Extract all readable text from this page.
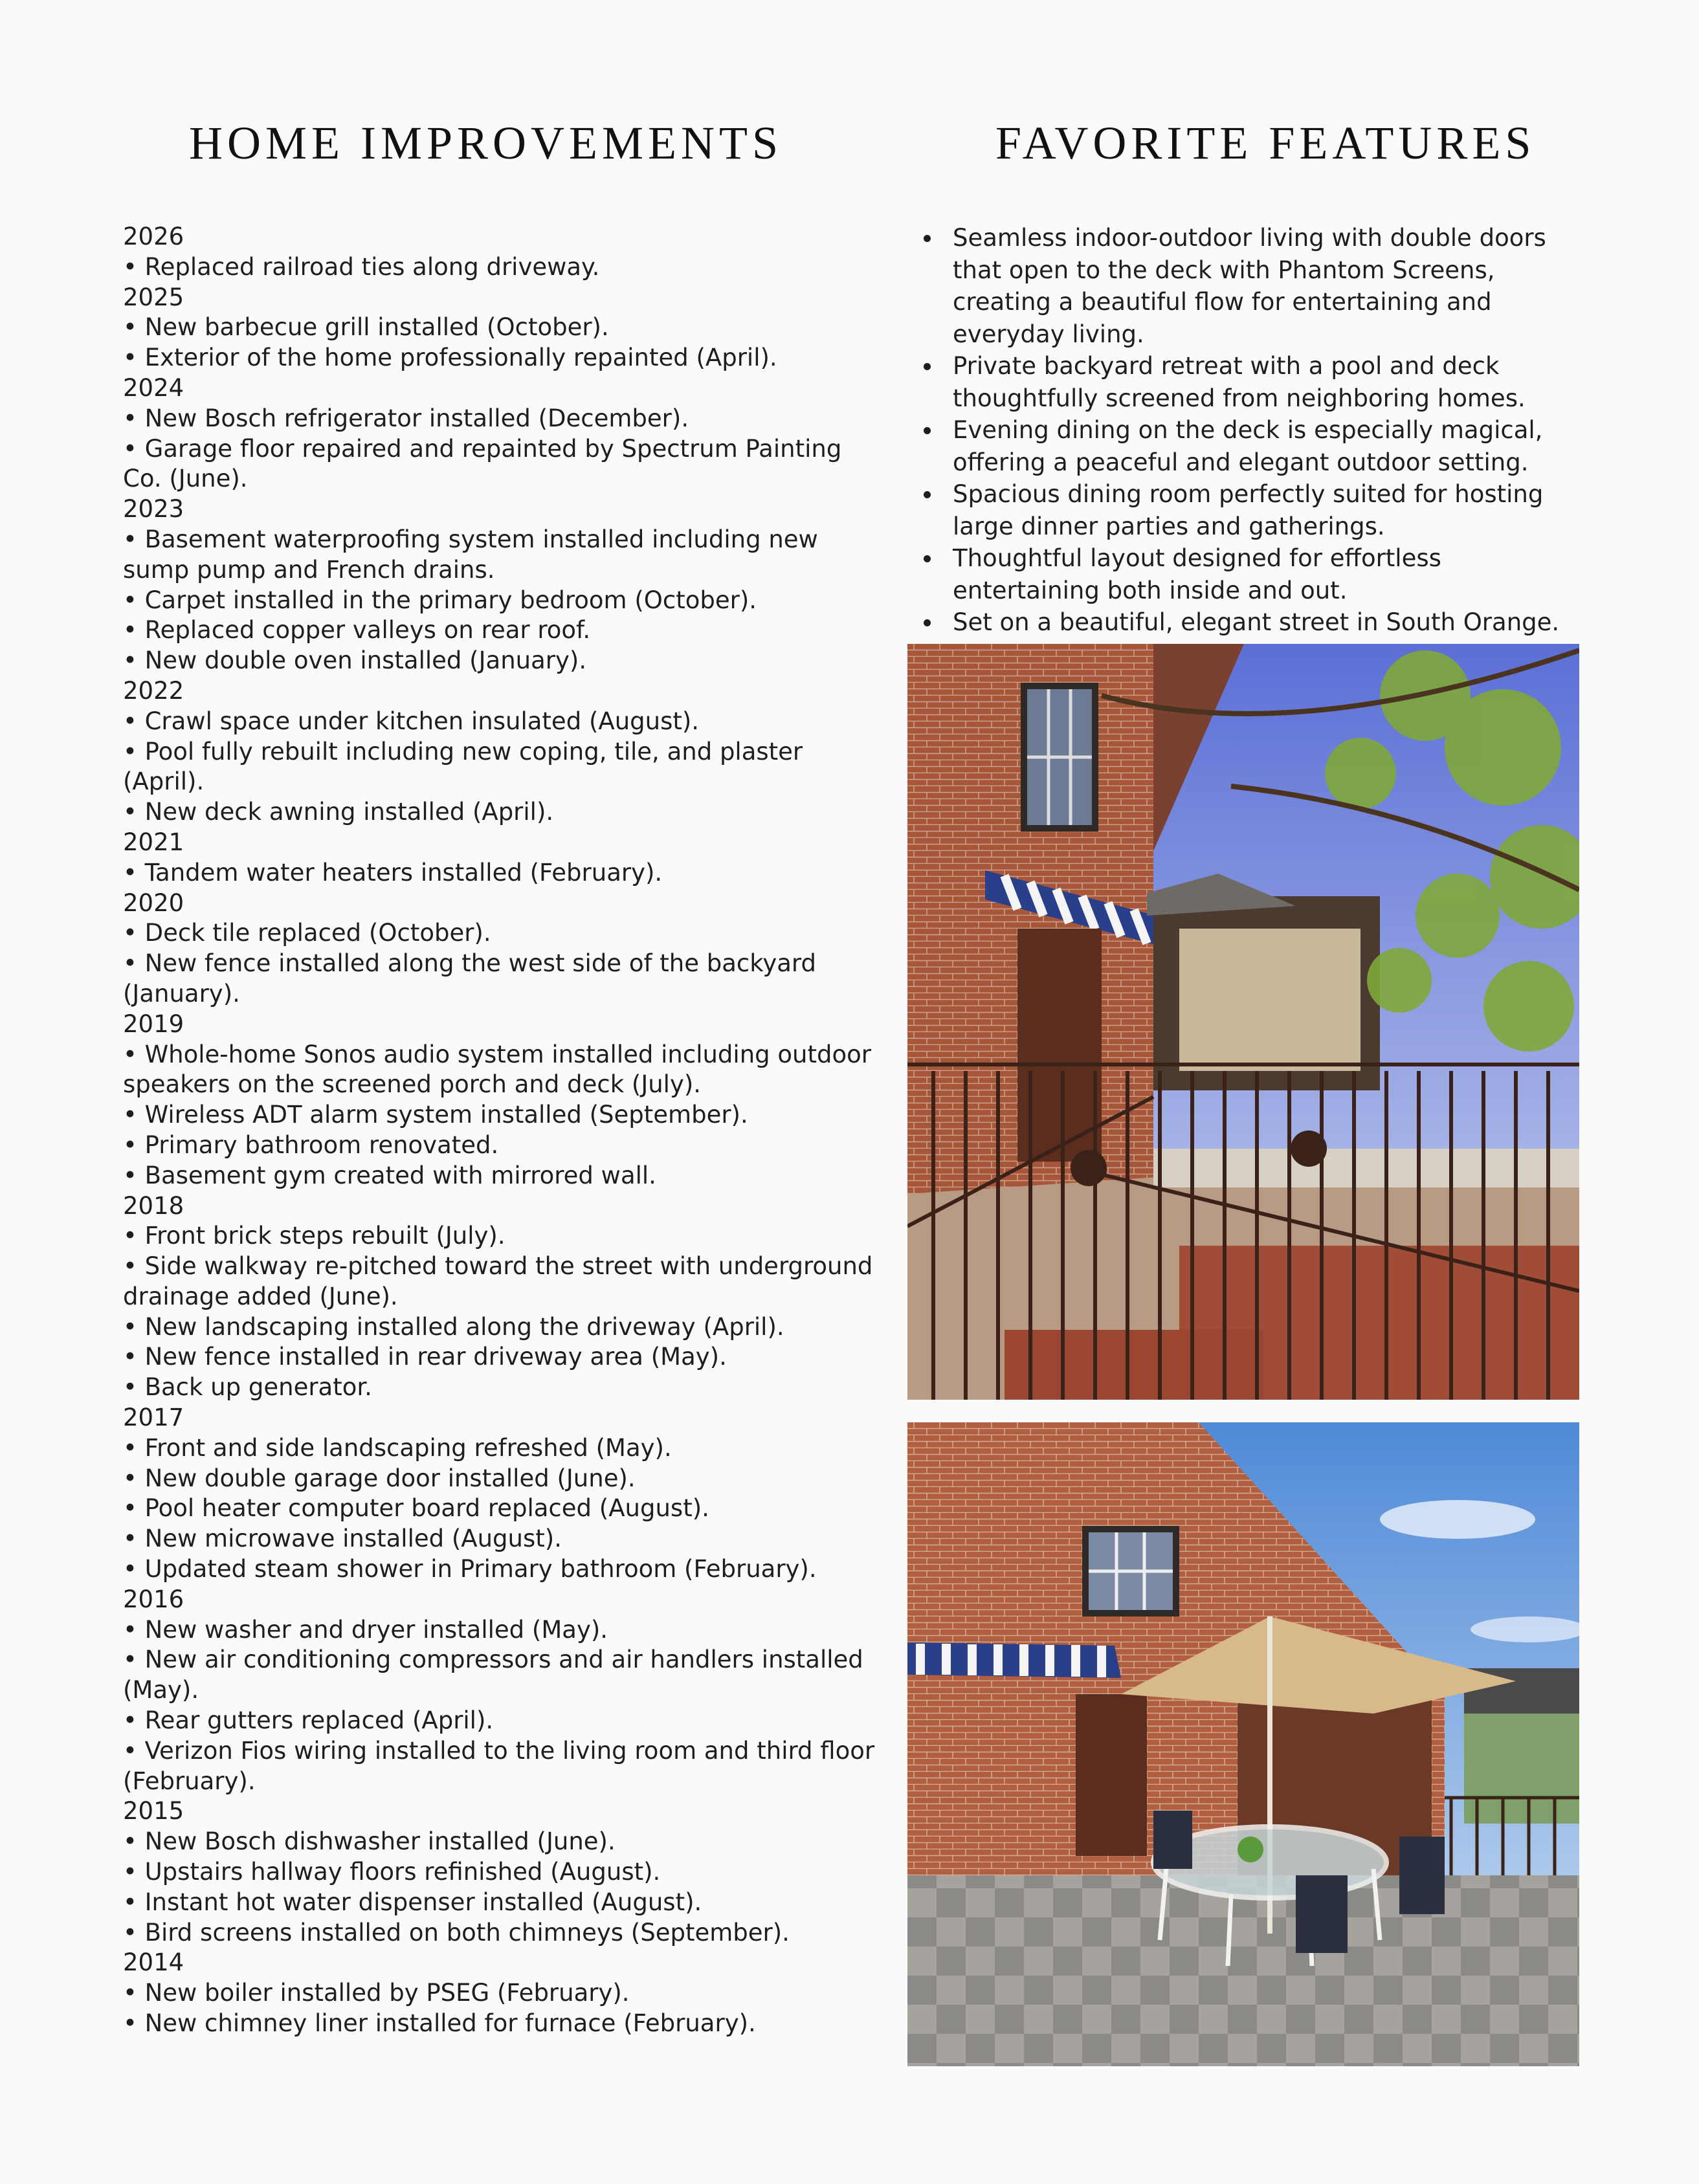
HOME IMPROVEMENTS	FAVORITE FEATURES
2026
• Replaced railroad ties along driveway.
2025
• New barbecue grill installed (October).
• Exterior of the home professionally repainted (April).
2024
• New Bosch refrigerator installed (December).
• Garage floor repaired and repainted by Spectrum Painting Co. (June).
2023
• Basement waterproofing system installed including new sump pump and French drains.
• Carpet installed in the primary bedroom (October).
• Replaced copper valleys on rear roof.
• New double oven installed (January).
2022
• Crawl space under kitchen insulated (August).
• Pool fully rebuilt including new coping, tile, and plaster (April).
• New deck awning installed (April).
2021
• Tandem water heaters installed (February).
2020
• Deck tile replaced (October).
• New fence installed along the west side of the backyard (January).
2019
• Whole-home Sonos audio system installed including outdoor speakers on the screened porch and deck (July).
• Wireless ADT alarm system installed (September).
• Primary bathroom renovated.
• Basement gym created with mirrored wall.
2018
• Front brick steps rebuilt (July).
• Side walkway re-pitched toward the street with underground drainage added (June).
• New landscaping installed along the driveway (April).
• New fence installed in rear driveway area (May).
• Back up generator.
2017
• Front and side landscaping refreshed (May).
• New double garage door installed (June).
• Pool heater computer board replaced (August).
• New microwave installed (August).
• Updated steam shower in Primary bathroom (February).
2016
• New washer and dryer installed (May).
• New air conditioning compressors and air handlers installed (May).
• Rear gutters replaced (April).
• Verizon Fios wiring installed to the living room and third floor (February).
2015
• New Bosch dishwasher installed (June).
• Upstairs hallway floors refinished (August).
• Instant hot water dispenser installed (August).
• Bird screens installed on both chimneys (September).
2014
• New boiler installed by PSEG (February).
• New chimney liner installed for furnace (February).
Seamless indoor-outdoor living with double doors that open to the deck with Phantom Screens, creating a beautiful flow for entertaining and everyday living.
Private backyard retreat with a pool and deck thoughtfully screened from neighboring homes.
Evening dining on the deck is especially magical, offering a peaceful and elegant outdoor setting.
Spacious dining room perfectly suited for hosting large dinner parties and gatherings.
Thoughtful layout designed for effortless entertaining both inside and out.
Set on a beautiful, elegant street in South Orange.
